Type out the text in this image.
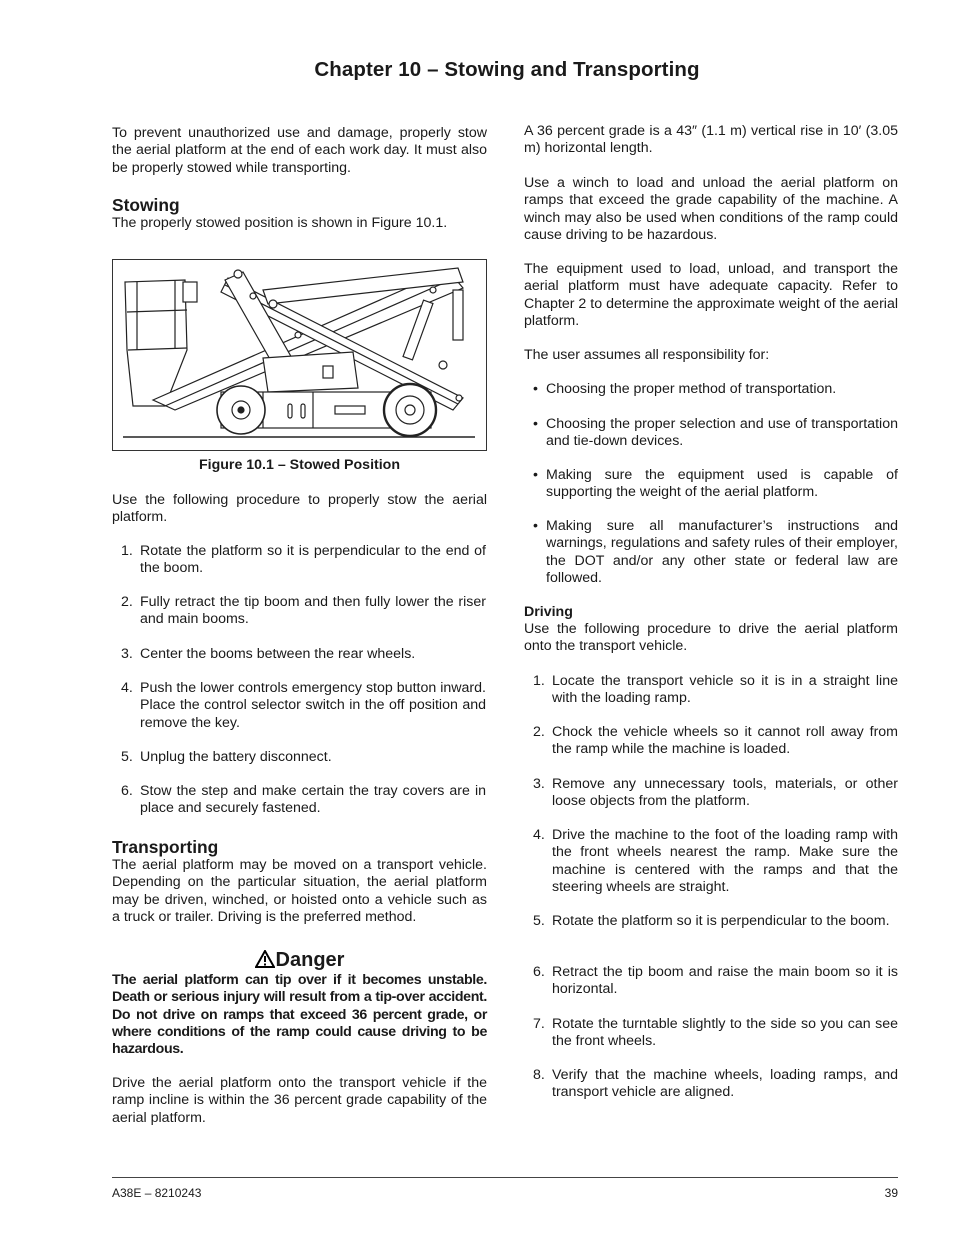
Chapter 10 – Stowing and Transporting

To prevent unauthorized use and damage, properly stow the aerial platform at the end of each work day. It must also be properly stowed while transporting.

Stowing

The properly stowed position is shown in Figure 10.1.

Figure 10.1 – Stowed Position

Use the following procedure to properly stow the aerial platform.

1. Rotate the platform so it is perpendicular to the end of the boom.
2. Fully retract the tip boom and then fully lower the riser and main booms.
3. Center the booms between the rear wheels.
4. Push the lower controls emergency stop button inward. Place the control selector switch in the off position and remove the key.
5. Unplug the battery disconnect.
6. Stow the step and make certain the tray covers are in place and securely fastened.
Transporting

The aerial platform may be moved on a transport vehicle. Depending on the particular situation, the aerial platform may be driven, winched, or hoisted onto a vehicle such as a truck or trailer. Driving is the preferred method.

Danger

The aerial platform can tip over if it becomes unstable. Death or serious injury will result from a tip-over accident. Do not drive on ramps that exceed 36 percent grade, or where conditions of the ramp could cause driving to be hazardous.

Drive the aerial platform onto the transport vehicle if the ramp incline is within the 36 percent grade capability of the aerial platform.

A 36 percent grade is a 43″ (1.1 m) vertical rise in 10′ (3.05 m) horizontal length.

Use a winch to load and unload the aerial platform on ramps that exceed the grade capability of the machine. A winch may also be used when conditions of the ramp could cause driving to be hazardous.

The equipment used to load, unload, and transport the aerial platform must have adequate capacity. Refer to Chapter 2 to determine the approximate weight of the aerial platform.

The user assumes all responsibility for:

• Choosing the proper method of transportation.
• Choosing the proper selection and use of transportation and tie-down devices.
• Making sure the equipment used is capable of supporting the weight of the aerial platform.
• Making sure all manufacturer’s instructions and warnings, regulations and safety rules of their employer, the DOT and/or any other state or federal law are followed.
Driving

Use the following procedure to drive the aerial platform onto the transport vehicle.

1. Locate the transport vehicle so it is in a straight line with the loading ramp.
2. Chock the vehicle wheels so it cannot roll away from the ramp while the machine is loaded.
3. Remove any unnecessary tools, materials, or other loose objects from the platform.
4. Drive the machine to the foot of the loading ramp with the front wheels nearest the ramp. Make sure the machine is centered with the ramps and that the steering wheels are straight.
5. Rotate the platform so it is perpendicular to the boom.
6. Retract the tip boom and raise the main boom so it is horizontal.
7. Rotate the turntable slightly to the side so you can see the front wheels.
8. Verify that the machine wheels, loading ramps, and transport vehicle are aligned.
A38E – 8210243	39
